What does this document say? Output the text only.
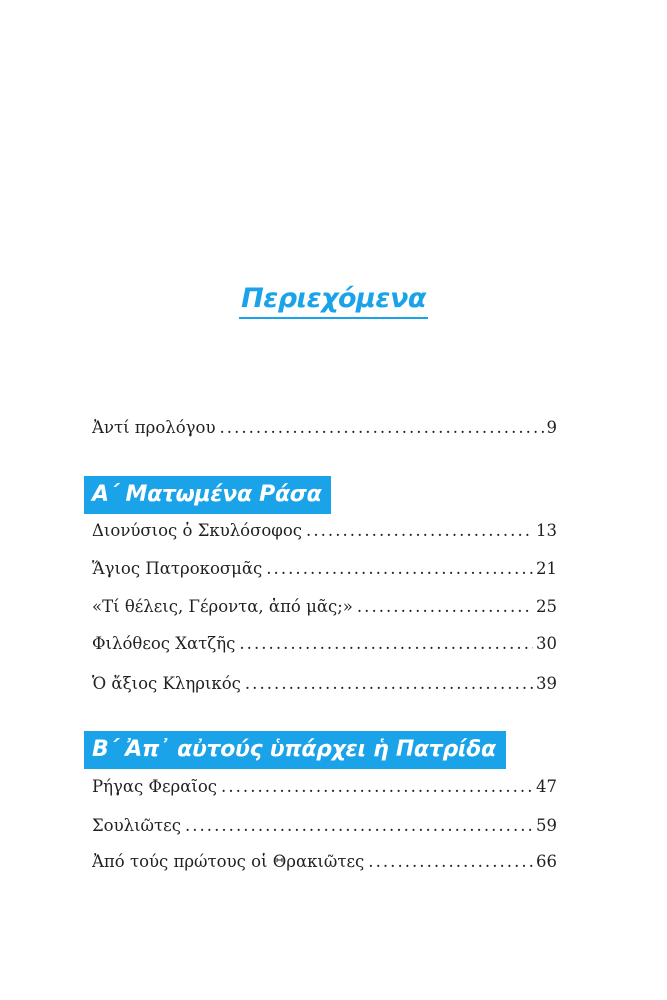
Περιεχόμενα
Ἀντί προλόγου . . .	9
Α΄ Ματωμένα Ράσα
Διονύσιος ὁ Σκυλόσοφος . . .	13
Ἅγιος Πατροκοσμᾶς . . .	21
«Τί θέλεις, Γέροντα, ἀπό μᾶς;» . . .	25
Φιλόθεος Χατζῆς . . .	30
Ὁ ἄξιος Κληρικός . . .	39
Β΄ Ἀπ᾿ αὐτούς ὑπάρχει ἡ Πατρίδα
Ρήγας Φεραῖος . . .	47
Σουλιῶτες . . .	59
Ἀπό τούς πρώτους οἱ Θρακιῶτες . . .	66
